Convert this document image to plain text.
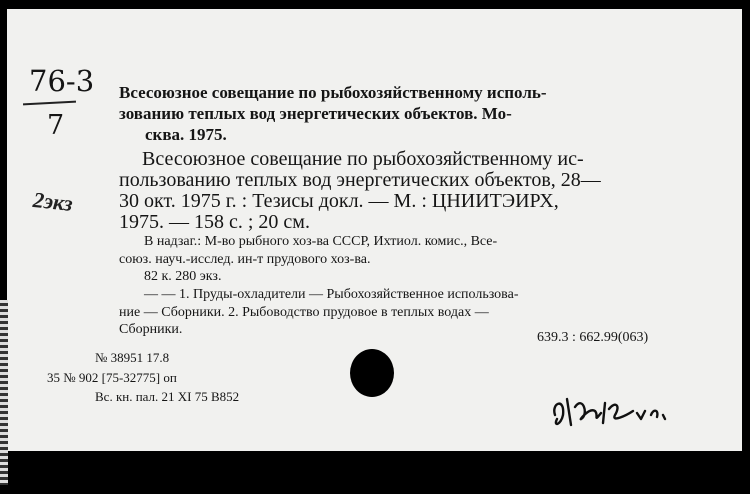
76-3
7
2экз
Всесоюзное совещание по рыбохозяйственному исполь-
зованию теплых вод энергетических объектов. Мо-
сква. 1975.
Всесоюзное совещание по рыбохозяйственному ис-
пользованию теплых вод энергетических объектов, 28—
30 окт. 1975 г. : Тезисы докл. — М. : ЦНИИТЭИРХ,
1975. — 158 с. ; 20 см.
В надзаг.: М-во рыбного хоз-ва СССР, Ихтиол. комис., Все-
союз. науч.-исслед. ин-т прудового хоз-ва.
82 к. 280 экз.
— — 1. Пруды-охладители — Рыбохозяйственное использова-
ние — Сборники. 2. Рыбоводство прудовое в теплых водах —
Сборники.
639.3 : 662.99(063)
№ 38951 17.8
35 № 902 [75-32775] оп
Вс. кн. пал. 21 XI 75 В852
